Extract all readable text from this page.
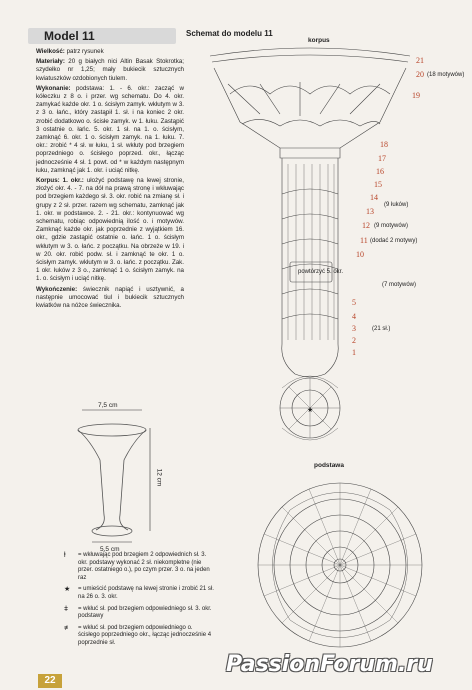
Model 11

Wielkość: patrz rysunek

Materiały: 20 g białych nici Altin Basak Stokrotka; szydełko nr 1,25; mały bukiecik sztucznych kwiatuszków ozdobionych tiulem.

Wykonanie: podstawa: 1. - 6. okr.: zacząć w kółeczku z 8 o. i przer. wg schematu. Do 4. okr. zamykać każde okr. 1 o. ścisłym zamyk. wkłutym w 3. z 3 o. łańc., który zastąpił 1. sł. i na koniec 2 okr. zrobić dodatkowo o. ścisłe zamyk. w 1. łuku. Zastąpić 3 ostatnie o. łańc. 5. okr. 1 sł. na 1. o. ścisłym, zamknąć 6. okr. 1 o. ścisłym zamyk. na 1. łuku. 7. okr.: zrobić * 4 sł. w łuku, 1 sł. wkłuty pod brzegiem poprzedniego o. ścisłego poprzed. okr., łącząc jednocześnie 4 sł. 1 powt. od * w każdym następnym łuku, zamknąć jak 1. okr. i uciąć nitkę.

Korpus: 1. okr.: ułożyć podstawę na lewej stronie, złożyć okr. 4. - 7. na dół na prawą stronę i wkłuwając pod brzegiem każdego sł. 3. okr. robić na zmianę sł. i grupy z 2 sł. przer. razem wg schematu, zamknąć jak 1. okr. w podstawce. 2. - 21. okr.: kontynuować wg schematu, robiąc odpowiednią ilość o. i motywów. Zamknąć każde okr. jak poprzednie z wyjątkiem 16. okr., gdzie zastąpić ostatnie o. łańc. 1 o. ścisłym wkłutym w 3. o. łańc. z początku. Na obrzeże w 19. i w 20. okr. robić podw. sł. i zamknąć te okr. 1 o. ścisłym zamyk. wkłutym w 3. o. łańc. z początku. Zak. 1 okr. łuków z 3 o., zamknąć 1 o. ścisłym zamyk. na 1. o. ścisłym i uciąć nitkę.

Wykończenie: świecznik napiąć i usztywnić, a następnie umocować tiul i bukiecik sztucznych kwiatków na nóżce świecznika.

7,5 cm
12 cm
5,5 cm
ⱡ = wkłuwając pod brzegiem 2 odpowiednich sł. 3. okr. podstawy wykonać 2 sł. niekompletne (nie przer. ostatniego o.), po czym przer. 3 o. na jeden raz
★ = umieścić podstawę na lewej stronie i zrobić 21 sł. na 26 o. 3. okr.
ǂ = wkłuć sł. pod brzegiem odpowiedniego sł. 3. okr. podstawy
≢ = wkłuć sł. pod brzegiem odpowiedniego o. ścisłego poprzedniego okr., łącząc jednocześnie 4 poprzednie sł.
22
Schemat do modelu 11
korpus
podstawa
★
21
20 (18 motywów)
19
18
17
16
15
14
(9 łuków)
13
12 (9 motywów)
11 (dodać 2 motywy)
10
powtórzyć 5. okr.
(7 motywów)
5
4
3	(21 sł.)
2
1
PassionForum.ru
